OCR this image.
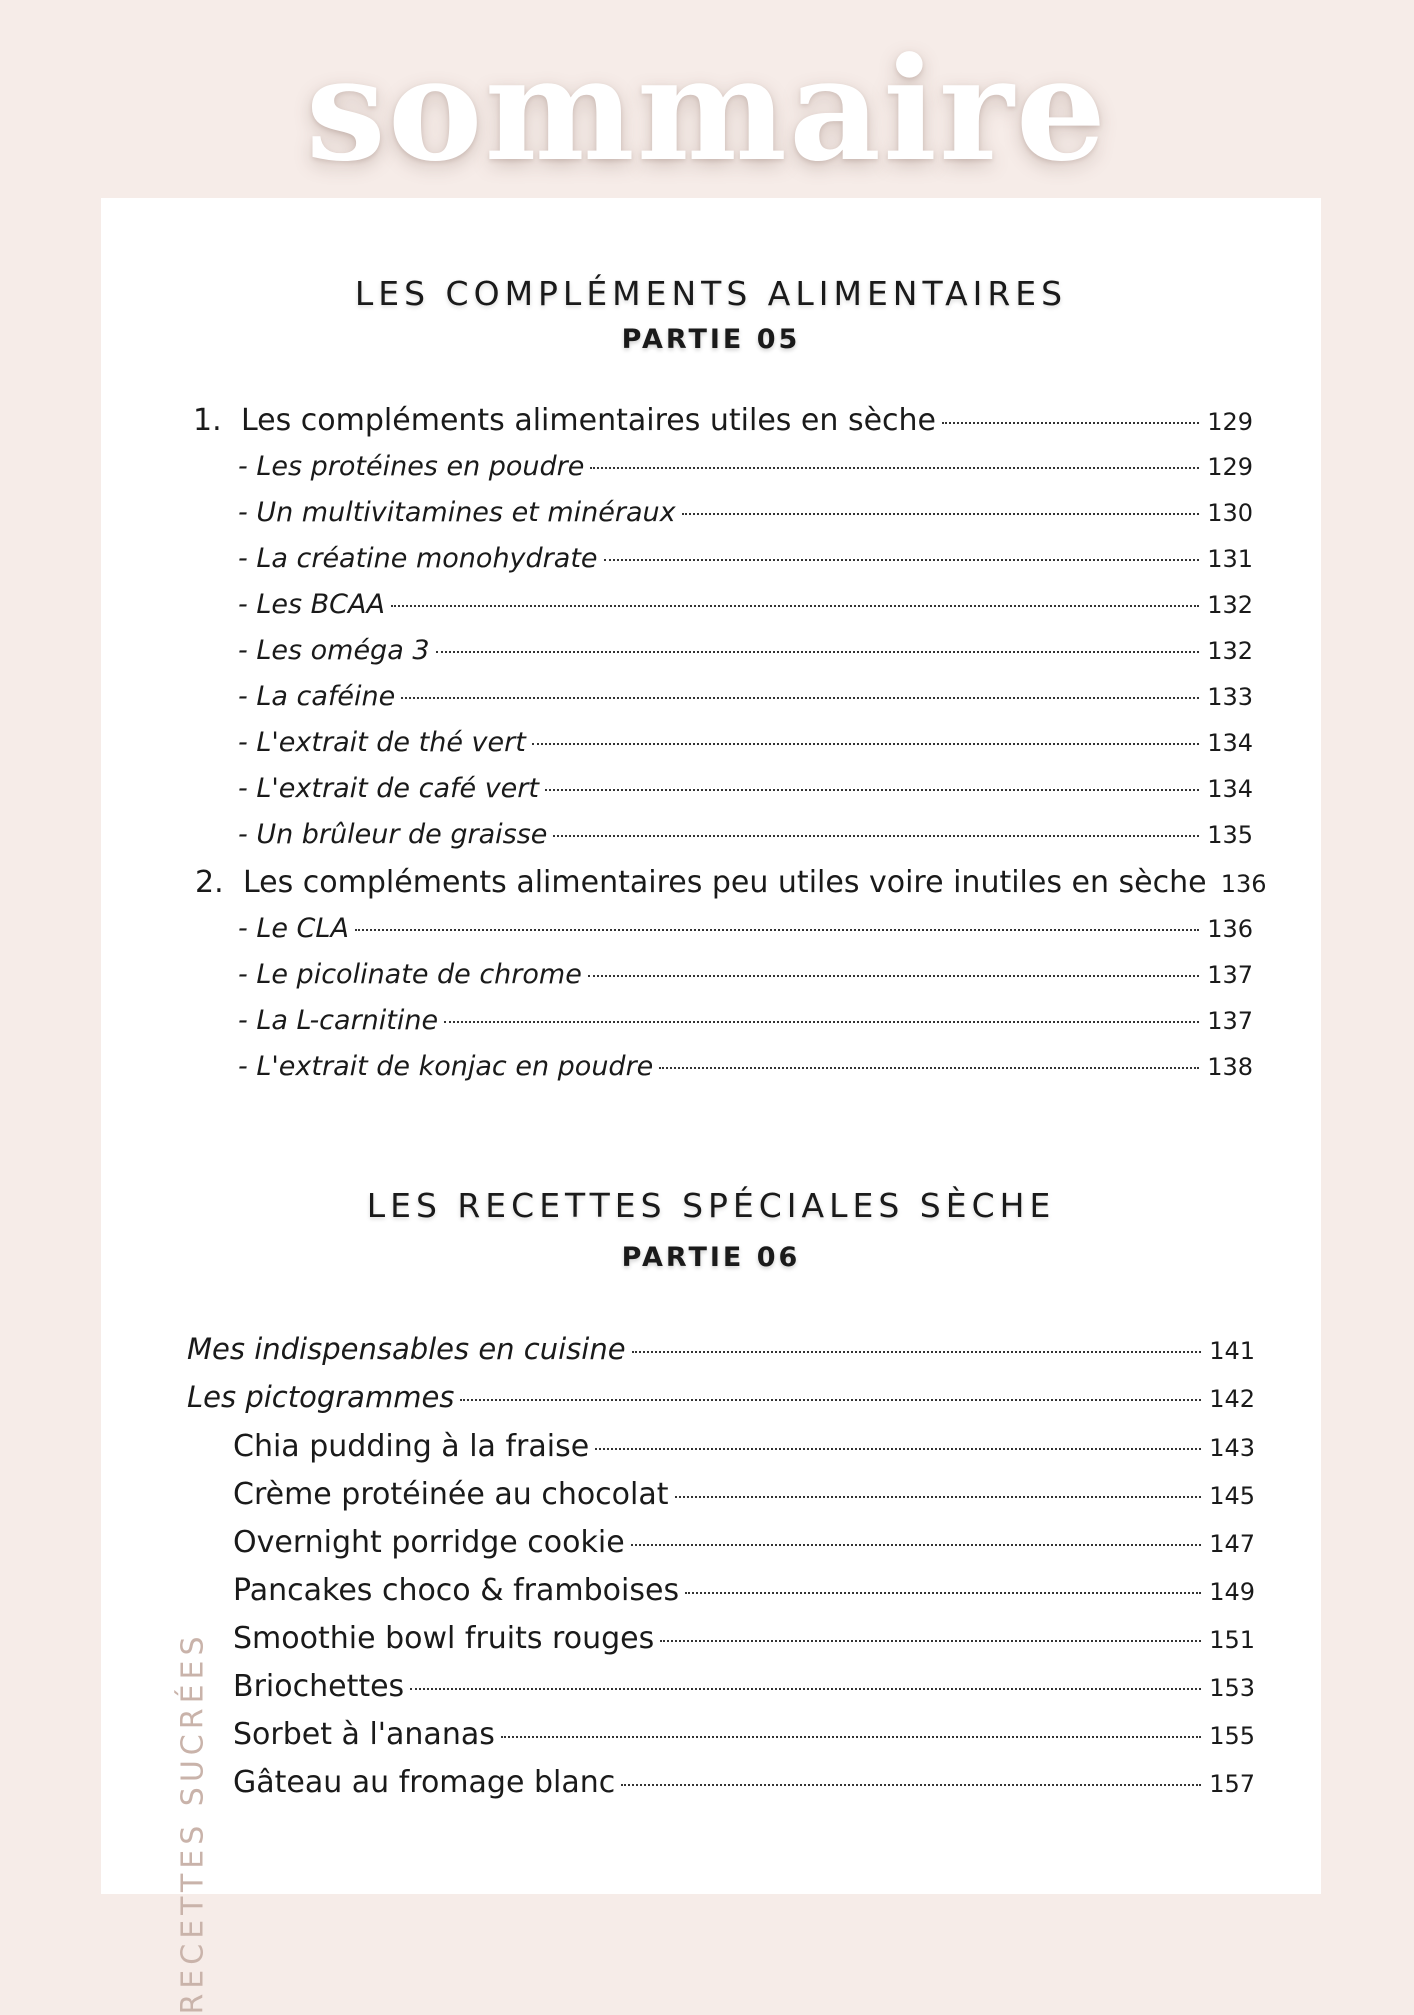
sommaire
LES COMPLÉMENTS ALIMENTAIRES
PARTIE 05
1. Les compléments alimentaires utiles en sèche	129
- Les protéines en poudre	129
- Un multivitamines et minéraux	130
- La créatine monohydrate	131
- Les BCAA	132
- Les oméga 3	132
- La caféine	133
- L'extrait de thé vert	134
- L'extrait de café vert	134
- Un brûleur de graisse	135
2. Les compléments alimentaires peu utiles voire inutiles en sèche 136
- Le CLA	136
- Le picolinate de chrome	137
- La L-carnitine	137
- L'extrait de konjac en poudre	138
LES RECETTES SPÉCIALES SÈCHE
PARTIE 06
Mes indispensables en cuisine	141
Les pictogrammes	142
Chia pudding à la fraise	143
Crème protéinée au chocolat	145
Overnight porridge cookie	147
Pancakes choco & framboises	149
Smoothie bowl fruits rouges	151
Briochettes	153
Sorbet à l'ananas	155
Gâteau au fromage blanc	157
RECETTES SUCRÉES
